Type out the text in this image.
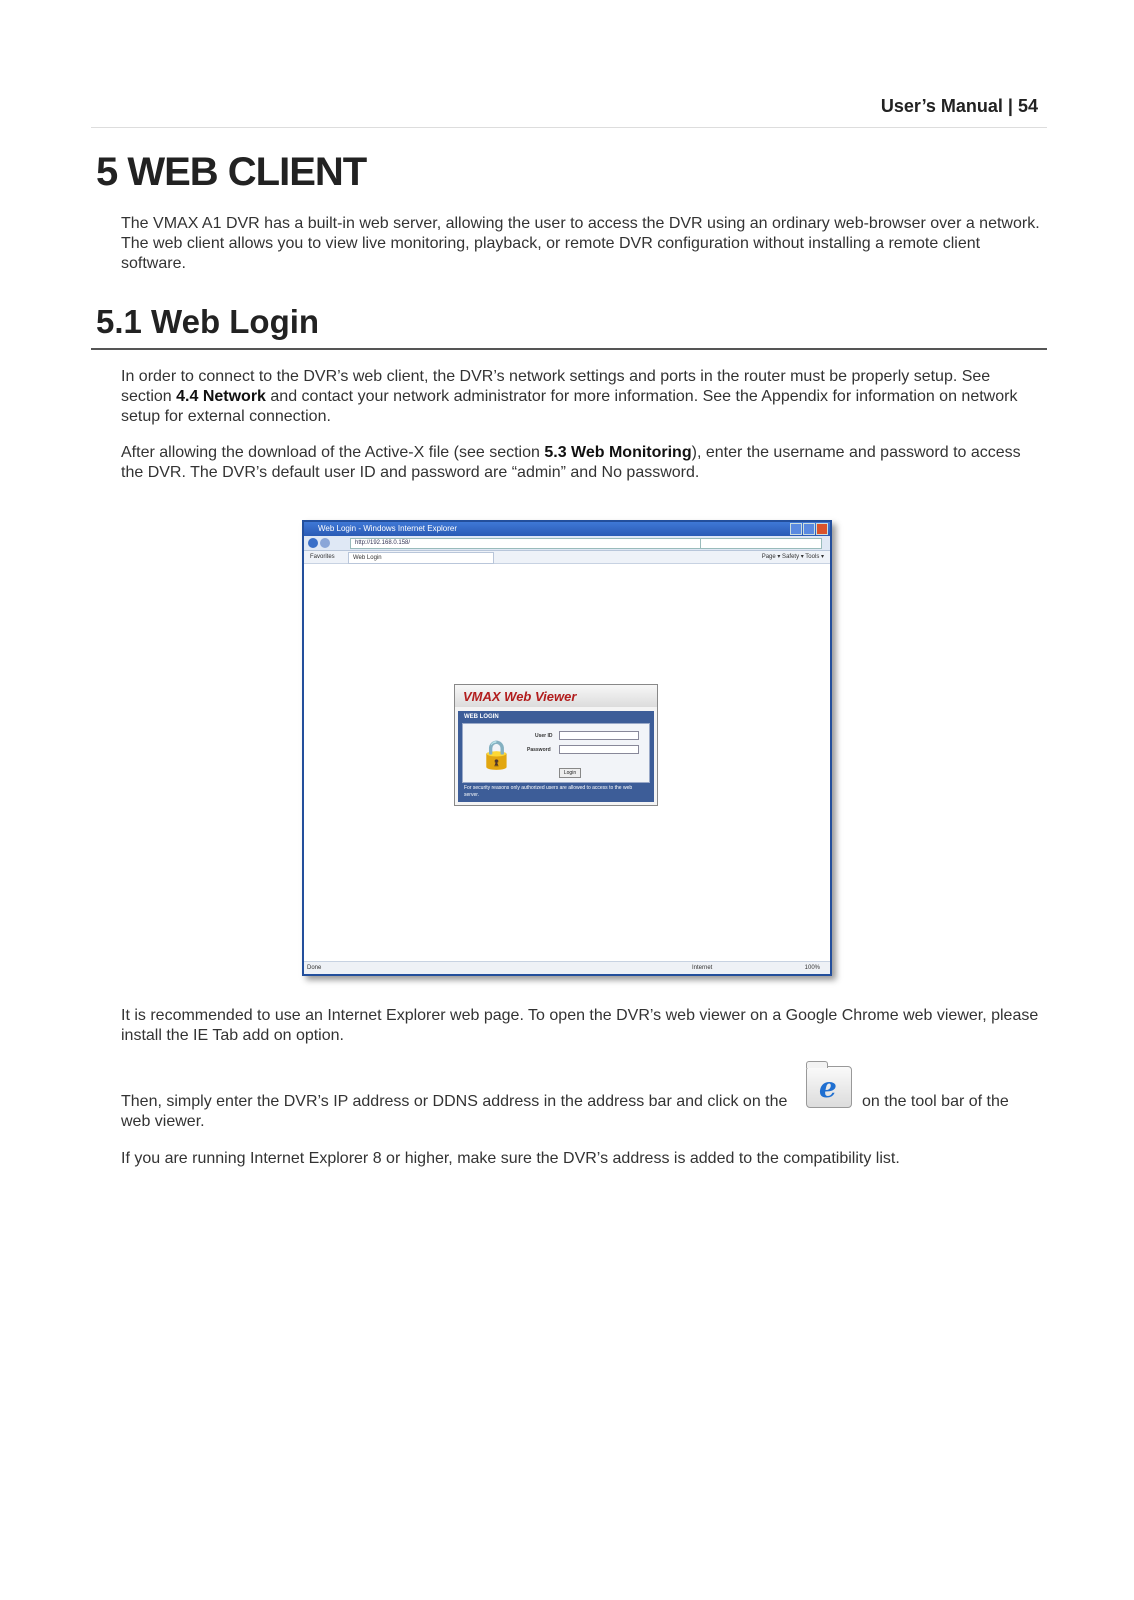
User’s Manual | 54
5 WEB CLIENT
The VMAX A1 DVR has a built-in web server, allowing the user to access the DVR using an ordinary web-browser over a network. The web client allows you to view live monitoring, playback, or remote DVR configuration without installing a remote client software.
5.1 Web Login
In order to connect to the DVR’s web client, the DVR’s network settings and ports in the router must be properly setup. See section 4.4 Network and contact your network administrator for more information. See the Appendix for information on network setup for external connection.
After allowing the download of the Active-X file (see section 5.3 Web Monitoring), enter the username and password to access the DVR. The DVR’s default user ID and password are “admin” and No password.
Web Login - Windows Internet Explorer
http://192.168.0.158/
Favorites	Web Login	Page ▾ Safety ▾ Tools ▾
VMAX Web Viewer
WEB LOGIN
🔒
User ID
Password
Login
For security reasons only authorized users are allowed to access to the web server.
Done	Internet	100%
It is recommended to use an Internet Explorer web page. To open the DVR’s web viewer on a Google Chrome web viewer, please install the IE Tab add on option.
Then, simply enter the DVR’s IP address or DDNS address in the address bar and click on the	e on the tool bar of the
web viewer.
If you are running Internet Explorer 8 or higher, make sure the DVR’s address is added to the compatibility list.
